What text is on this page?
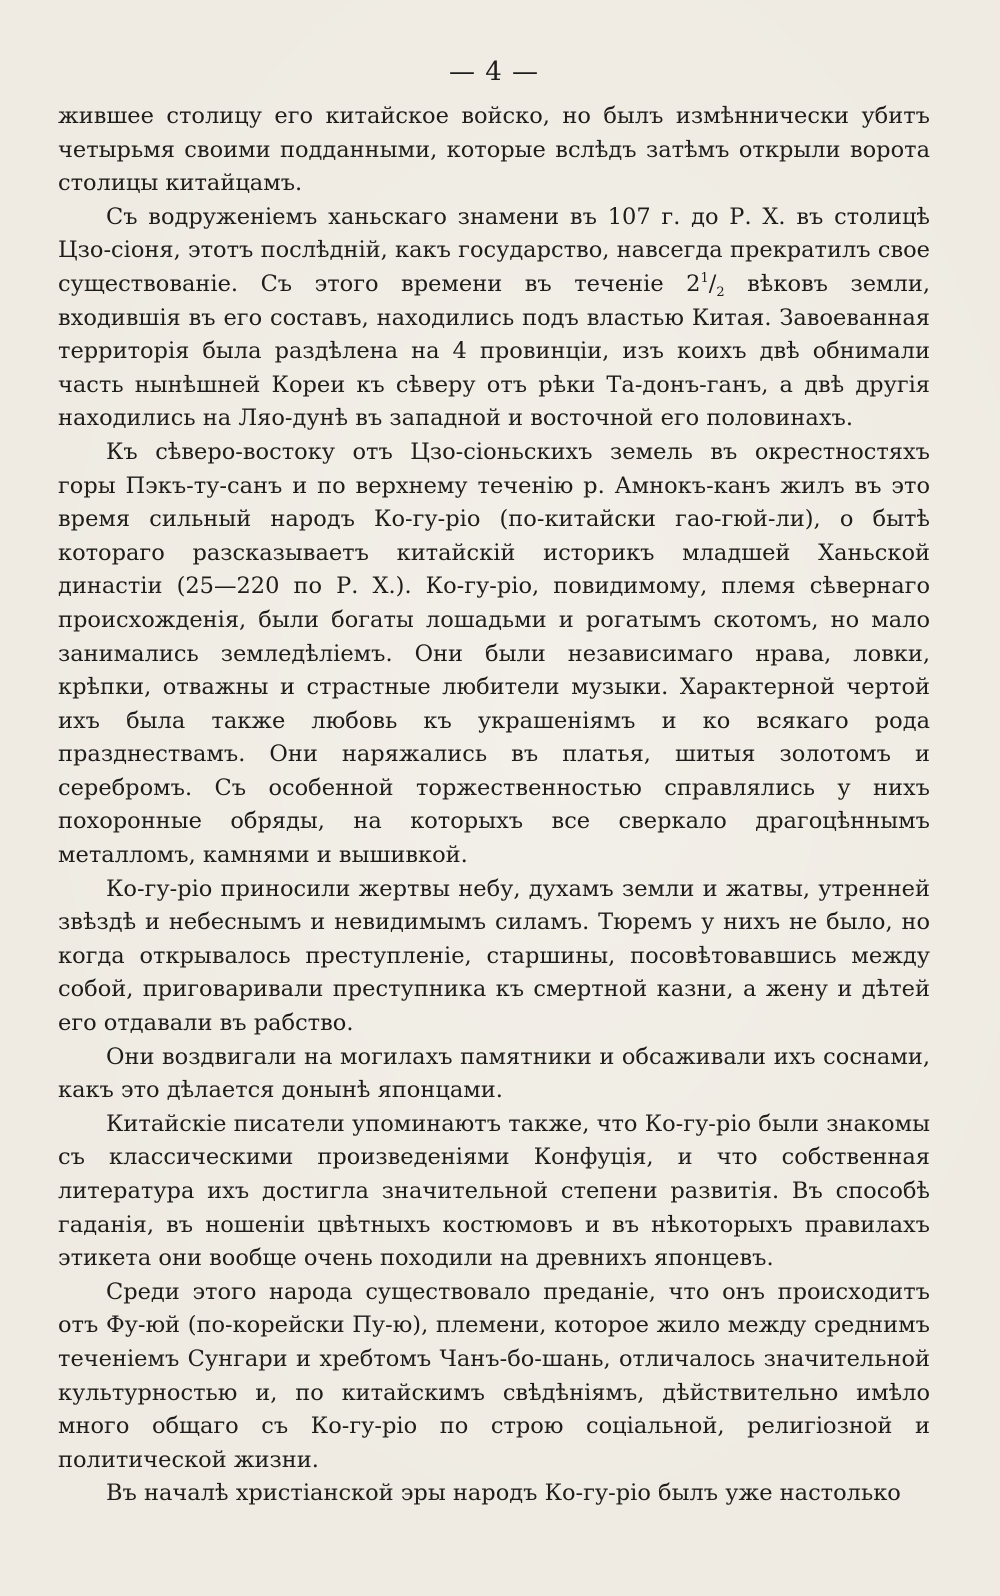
— 4 —

жившее столицу его китайское войско, но былъ измѣннически убитъ четырьмя своими подданными, которые вслѣдъ затѣмъ открыли ворота столицы китайцамъ.

Съ водруженіемъ ханьскаго знамени въ 107 г. до Р. Х. въ столицѣ Цзо-сіоня, этотъ послѣдній, какъ государство, навсегда прекратилъ свое существованіе. Съ этого времени въ теченіе $2^1/_2$ вѣковъ земли, входившія въ его составъ, находились подъ властью Китая. Завоеванная территорія была раздѣлена на 4 провинціи, изъ коихъ двѣ обнимали часть нынѣшней Кореи къ сѣверу отъ рѣки Та-донъ-ганъ, а двѣ другія находились на Ляо-дунѣ въ западной и восточной его половинахъ.

Къ сѣверо-востоку отъ Цзо-сіоньскихъ земель въ окрестностяхъ горы Пэкъ-ту-санъ и по верхнему теченію р. Амнокъ-канъ жилъ въ это время сильный народъ Ко-гу-ріо (по-китайски гао-гюй-ли), о бытѣ котораго разсказываетъ китайскій историкъ младшей Ханьской династіи (25—220 по Р. Х.). Ко-гу-ріо, повидимому, племя сѣвернаго происхожденія, были богаты лошадьми и рогатымъ скотомъ, но мало занимались земледѣліемъ. Они были независимаго нрава, ловки, крѣпки, отважны и страстные любители музыки. Характерной чертой ихъ была также любовь къ украшеніямъ и ко всякаго рода празднествамъ. Они наряжались въ платья, шитыя золотомъ и серебромъ. Съ особенной торжественностью справлялись у нихъ похоронные обряды, на которыхъ все сверкало драгоцѣннымъ металломъ, камнями и вышивкой.

Ко-гу-ріо приносили жертвы небу, духамъ земли и жатвы, утренней звѣздѣ и небеснымъ и невидимымъ силамъ. Тюремъ у нихъ не было, но когда открывалось преступленіе, старшины, посовѣтовавшись между собой, приговаривали преступника къ смертной казни, а жену и дѣтей его отдавали въ рабство.

Они воздвигали на могилахъ памятники и обсаживали ихъ соснами, какъ это дѣлается донынѣ японцами.

Китайскіе писатели упоминаютъ также, что Ко-гу-ріо были знакомы съ классическими произведеніями Конфуція, и что собственная литература ихъ достигла значительной степени развитія. Въ способѣ гаданія, въ ношеніи цвѣтныхъ костюмовъ и въ нѣкоторыхъ правилахъ этикета они вообще очень походили на древнихъ японцевъ.

Среди этого народа существовало преданіе, что онъ происходитъ отъ Фу-юй (по-корейски Пу-ю), племени, которое жило между среднимъ теченіемъ Сунгари и хребтомъ Чанъ-бо-шань, отличалось значительной культурностью и, по китайскимъ свѣдѣніямъ, дѣйствительно имѣло много общаго съ Ко-гу-ріо по строю соціальной, религіозной и политической жизни.

Въ началѣ христіанской эры народъ Ко-гу-ріо былъ уже настолько
